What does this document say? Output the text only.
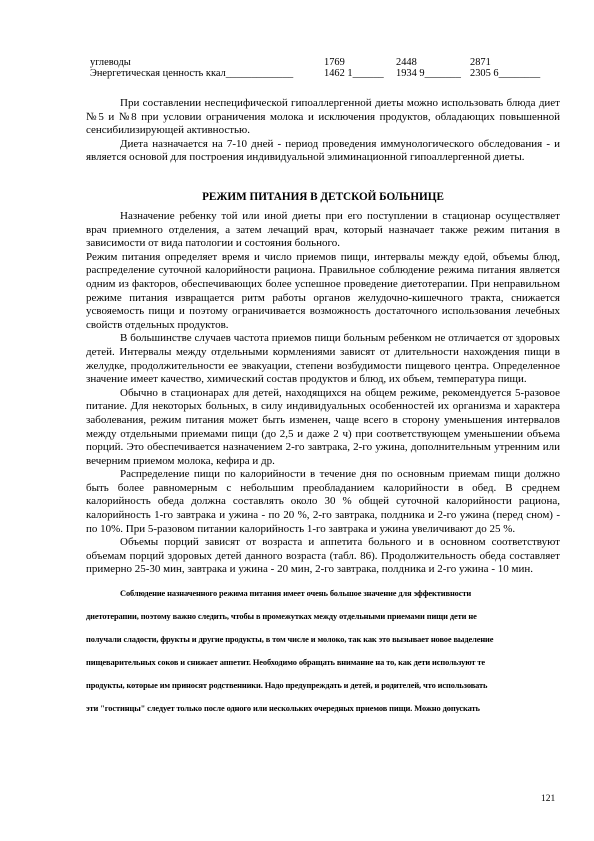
углеводы	1769	2448	2871
Энергетическая ценность ккал_____________	1462 1______ 1934 9_______ 2305 6________

При составлении неспецифической гипоаллергенной диеты можно использовать блюда диет №5 и №8 при условии ограничения молока и исключения продуктов, обладающих повышенной сенсибилизирующей активностью.

Диета назначается на 7-10 дней - период проведения иммунологического обследования - и является основой для построения индивидуальной элиминационной гипоаллергенной диеты.

РЕЖИМ ПИТАНИЯ В ДЕТСКОЙ БОЛЬНИЦЕ

Назначение ребенку той или иной диеты при его поступлении в стационар осуществляет врач приемного отделения, а затем лечащий врач, который назначает также режим питания в зависимости от вида патологии и состояния больного.

Режим питания определяет время и число приемов пищи, интервалы между едой, объемы блюд, распределение суточной калорийности рациона. Правильное соблюдение режима питания является одним из факторов, обеспечивающих более успешное проведение диетотерапии. При неправильном режиме питания извращается ритм работы органов желудочно-кишечного тракта, снижается усвояемость пищи и поэтому ограничивается возможность достаточного использования лечебных свойств отдельных продуктов.

В большинстве случаев частота приемов пищи больным ребенком не отличается от здоровых детей. Интервалы между отдельными кормлениями зависят от длительности нахождения пищи в желудке, продолжительности ее эвакуации, степени возбудимости пищевого центра. Определенное значение имеет качество, химический состав продуктов и блюд, их объем, температура пищи.

Обычно в стационарах для детей, находящихся на общем режиме, рекомендуется 5-разовое питание. Для некоторых больных, в силу индивидуальных особенностей их организма и характера заболевания, режим питания может быть изменен, чаще всего в сторону уменьшения интервалов между отдельными приемами пищи (до 2,5 и даже 2 ч) при соответствующем уменьшении объема порций. Это обеспечивается назначением 2-го завтрака, 2-го ужина, дополнительным утренним или вечерним приемом молока, кефира и др.

Распределение пищи по калорийности в течение дня по основным приемам пищи должно быть более равномерным с небольшим преобладанием калорийности в обед. В среднем калорийность обеда должна составлять около 30 % общей суточной калорийности рациона, калорийность 1-го завтрака и ужина - по 20 %, 2-го завтрака, полдника и 2-го ужина (перед сном) - по 10%. При 5-разовом питании калорийность 1-го завтрака и ужина увеличивают до 25 %.

Объемы порций зависят от возраста и аппетита больного и в основном соответствуют объемам порций здоровых детей данного возраста (табл. 86). Продолжительность обеда составляет примерно 25-30 мин, завтрака и ужина - 20 мин, 2-го завтрака, полдника и 2-го ужина - 10 мин.

Соблюдение назначенного режима питания имеет очень большое значение для эффективности
диетотерапии, поэтому важно следить, чтобы в промежутках между отдельными приемами пищи дети не
получали сладости, фрукты и другие продукты, в том числе и молоко, так как это вызывает новое выделение
пищеварительных соков и снижает аппетит. Необходимо обращать внимание на то, как дети используют те
продукты, которые им приносят родственники. Надо предупреждать и детей, и родителей, что использовать
эти "гостинцы" следует только после одного или нескольких очередных приемов пищи. Можно допускать
121
